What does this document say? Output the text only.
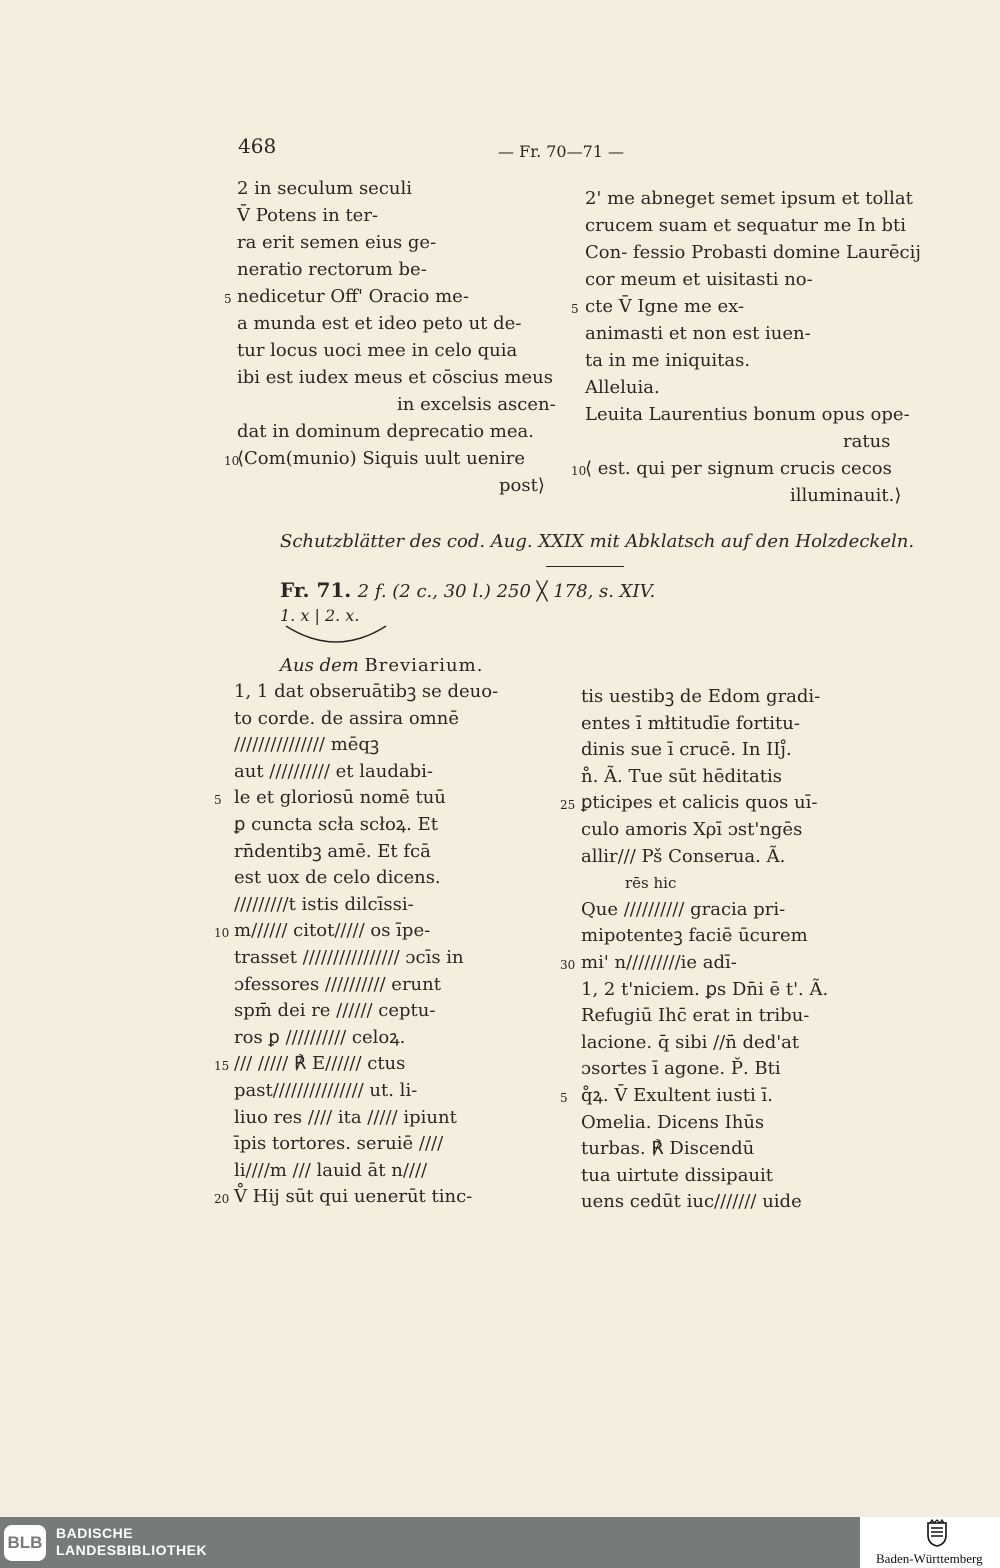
468	— Fr. 70—71 —
2 in seculum seculi
V̄ Potens in ter-
ra erit semen eius ge-
neratio rectorum be-
nedicetur Off' Oracio me-
5
a munda est et ideo peto ut de-
tur locus uoci mee in celo quia
ibi est iudex meus et cōscius meus
in excelsis ascen-
dat in dominum deprecatio mea.
⟨Com(munio) Siquis uult uenire
10
post⟩
2' me abneget semet ipsum et tollat
crucem suam et sequatur me In bti
Con- fessio Probasti domine Laurēcij
cor meum et uisitasti no-
cte V̄ Igne me ex-
5
animasti et non est iuen-
ta in me iniquitas.
Alleluia.
Leuita Laurentius bonum opus ope-
ratus
⟨ est. qui per signum crucis cecos
10
illuminauit.⟩
Schutzblätter des cod. Aug. XXIX mit Abklatsch auf den Holzdeckeln.
Fr. 71. 2 f. (2 c., 30 l.) 250 ╳ 178, s. XIV.
1. x | 2. x.
Aus dem Breviarium.
1, 1 dat obseruātibꝫ se deuo-
to corde. de assira omnē
/////////////// mēqꝫ
aut ////////// et laudabi-
le et gloriosū nomē tuū
5
ꝑ cuncta scła scłoꝝ. Et
rn̄dentibꝫ amē. Et fcā
est uox de celo dicens.
/////////t istis dilcīssi-
m////// citot///// os īpe-
10
trasset //////////////// ɔcīs in
ɔfessores ////////// erunt
spm̄ dei re ////// ceptu-
ros ꝑ ////////// celoꝝ.
/// ///// ℟ E////// ctus
15
past/////////////// ut. li-
liuo res //// ita ///// ipiunt
īpis tortores. seruiē ////
li////m /// lauid āt n////
V̊ Hij sūt qui uenerūt tinc-
20
tis uestibꝫ de Edom gradi-
entes ī młtitudīe fortitu-
dinis sue ī crucē. In IIȷ̊.
n̊. Ã. Tue sūt hēditatis
ꝑticipes et calicis quos uī-
25
culo amoris Xρī ɔst'ngēs
allir/// Pš Conserua. Ã.
rēs hic
Que ////////// gracia pri-
mipotenteꝫ faciē ūcurem
mi' n/////////ie adī-
30
1, 2 t'niciem. ꝑs Dn̄i ē t'. Ã.
Refugiū Ihc̄ erat in tribu-
lacione. q̄ sibi //n̄ ded'at
ɔsortes ī agone. P̌. Bti
q̊ꝝ. V̄ Exultent iusti ī.
5
Omelia. Dicens Ihūs
turbas. ℟ Discendū
tua uirtute dissipauit
uens cedūt iuc/////// uide
BLB BADISCHE
LANDESBIBLIOTHEK
Baden-Württemberg
